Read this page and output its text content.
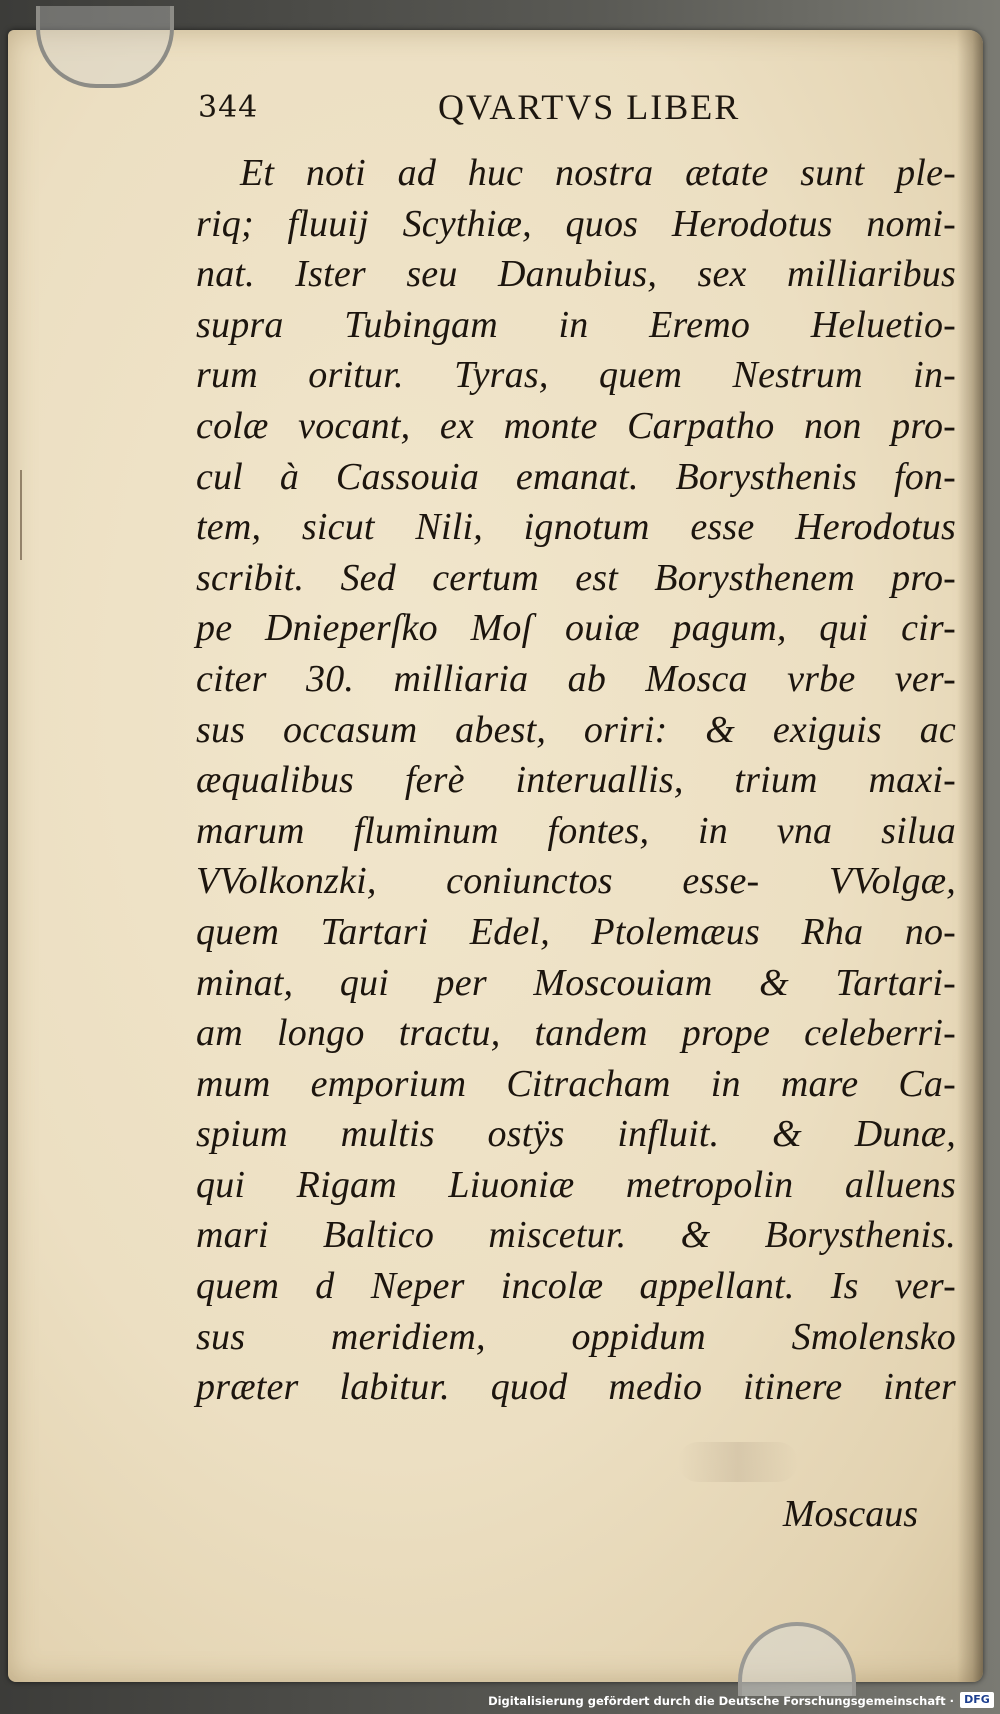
344	QVARTVS LIBER
Et noti ad huc nostra ætate sunt ple-
riq; fluuij Scythiæ, quos Herodotus nomi-
nat. Ister seu Danubius, sex milliaribus
supra Tubingam in Eremo Heluetio-
rum oritur. Tyras, quem Nestrum in-
colæ vocant, ex monte Carpatho non pro-
cul à Cassouia emanat. Borysthenis fon-
tem, sicut Nili, ignotum esse Herodotus
scribit. Sed certum est Borysthenem pro-
pe Dnieperſko Moſ ouiæ pagum, qui cir-
citer 30. milliaria ab Mosca vrbe ver-
sus occasum abest, oriri: & exiguis ac
æqualibus ferè interuallis, trium maxi-
marum fluminum fontes, in vna silua
VVolkonzki, coniunctos esse- VVolgæ,
quem Tartari Edel, Ptolemæus Rha no-
minat, qui per Moscouiam & Tartari-
am longo tractu, tandem prope celeberri-
mum emporium Citracham in mare Ca-
spium multis ostÿs influit. & Dunæ,
qui Rigam Liuoniæ metropolin alluens
mari Baltico miscetur. & Borysthenis.
quem d Neper incolæ appellant. Is ver-
sus meridiem, oppidum Smolensko
præter labitur. quod medio itinere inter
Moscaus
Digitalisierung gefördert durch die Deutsche Forschungsgemeinschaft · DFG
